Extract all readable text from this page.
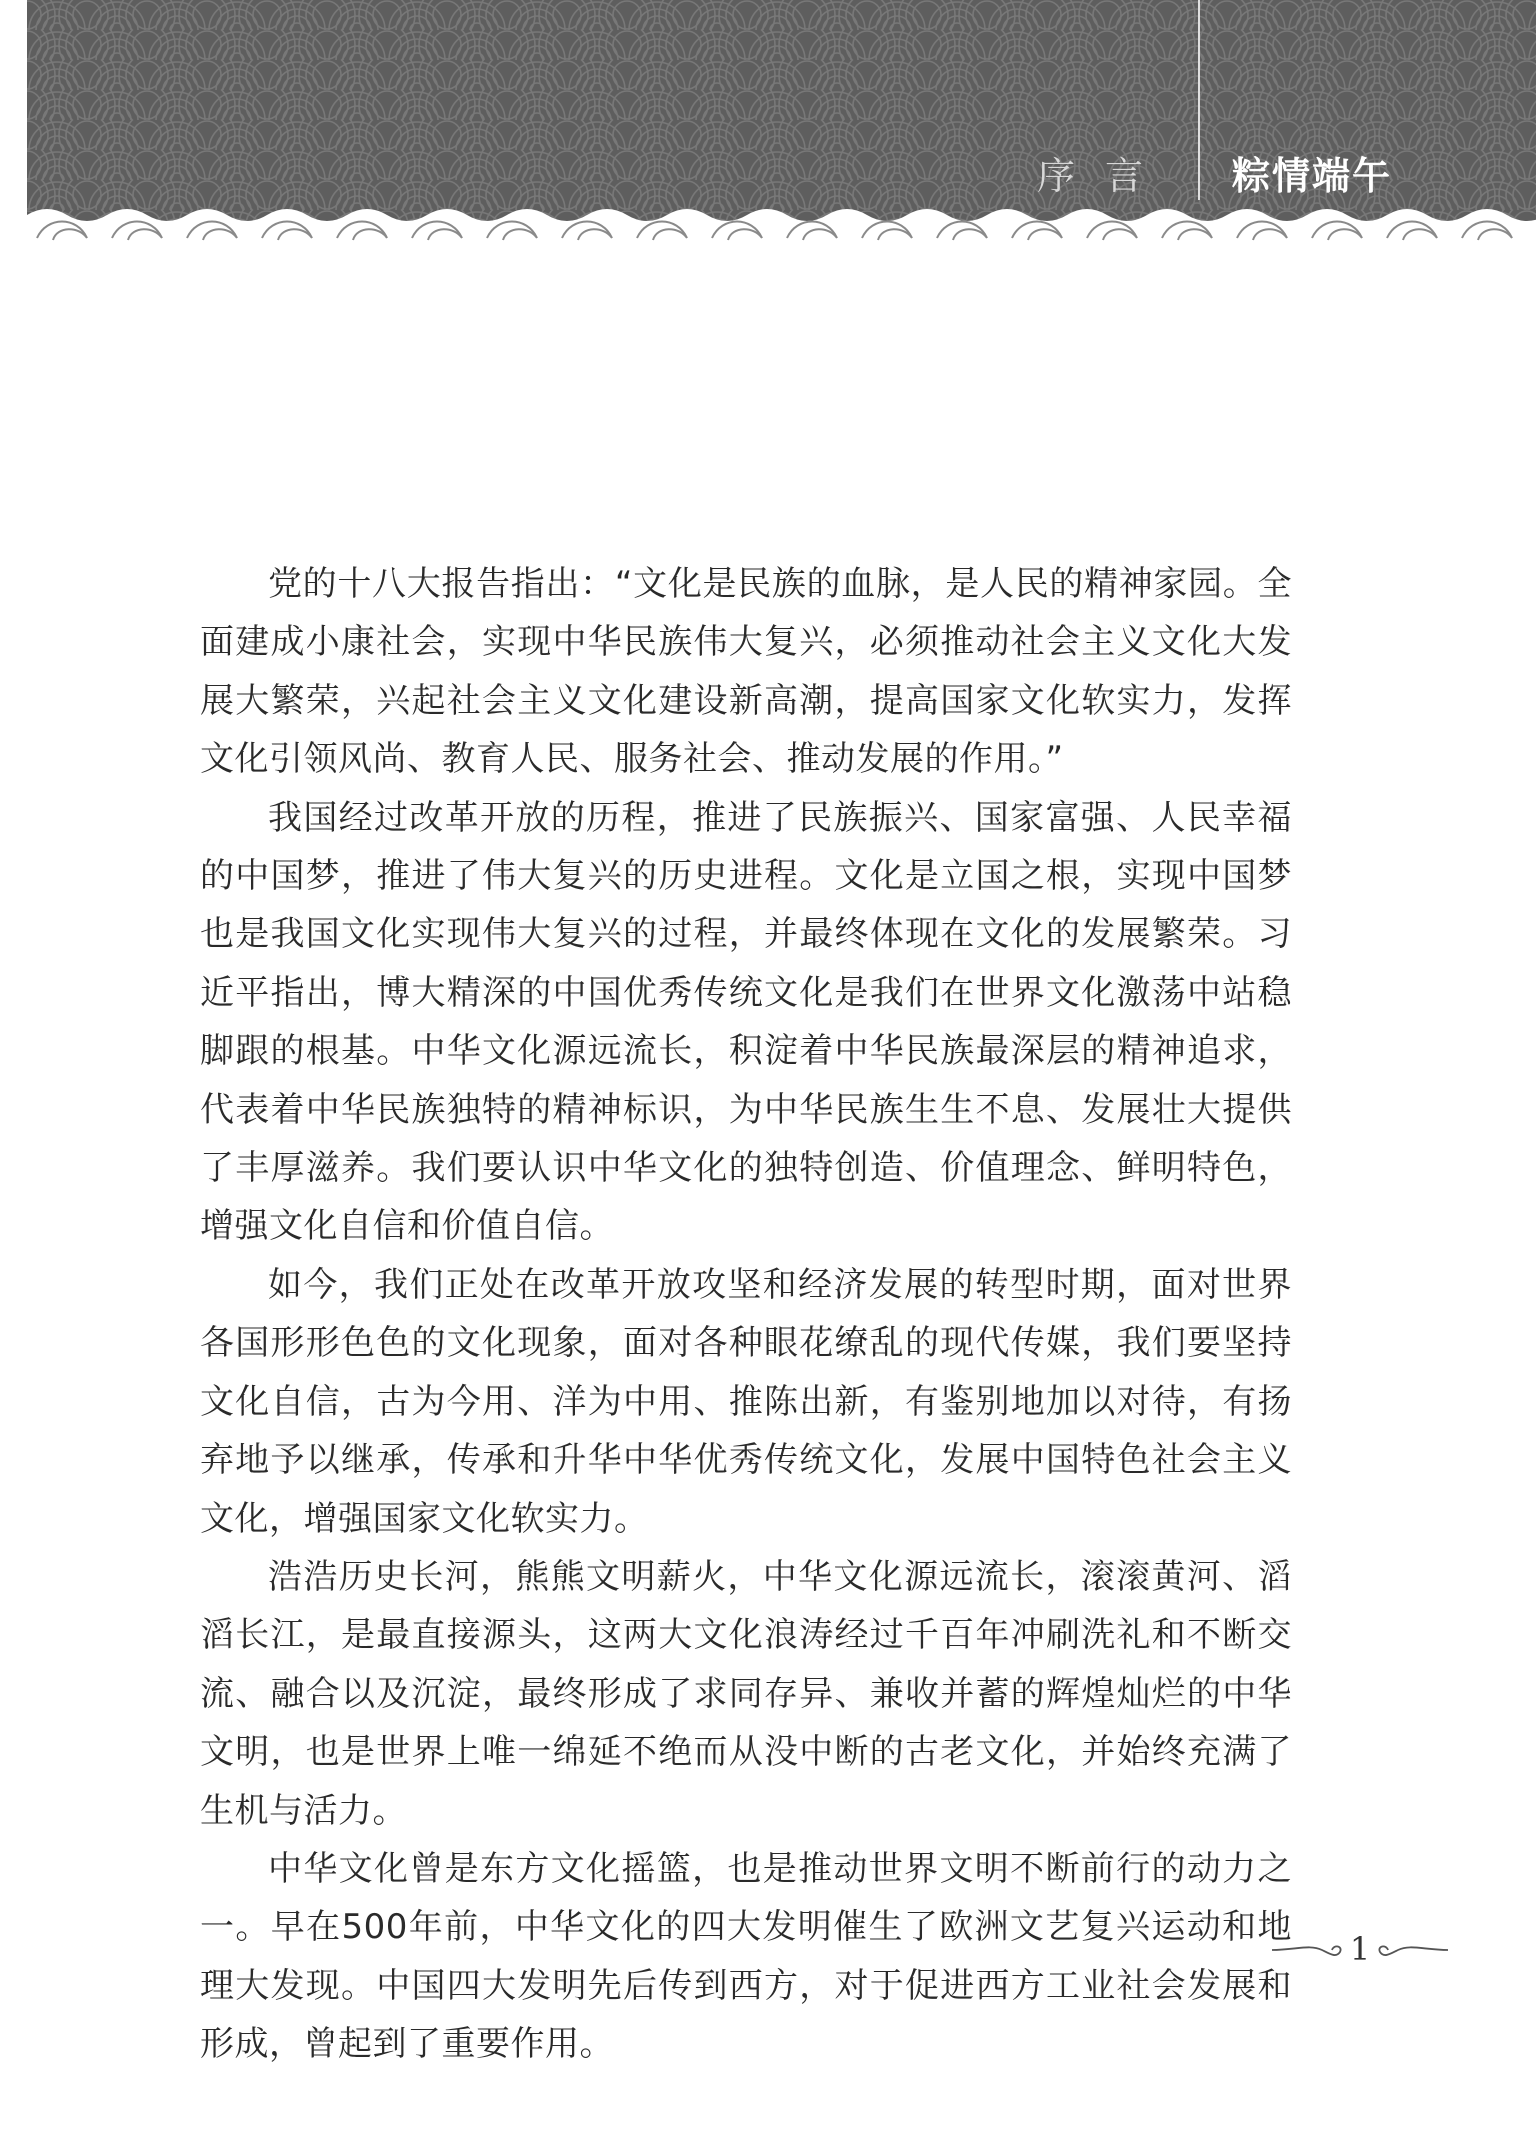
序言 粽情端午

党的十八大报告指出：“文化是民族的血脉，是人民的精神家园。全面建成小康社会，实现中华民族伟大复兴，必须推动社会主义文化大发展大繁荣，兴起社会主义文化建设新高潮，提高国家文化软实力，发挥文化引领风尚、教育人民、服务社会、推动发展的作用。”

我国经过改革开放的历程，推进了民族振兴、国家富强、人民幸福的中国梦，推进了伟大复兴的历史进程。文化是立国之根，实现中国梦也是我国文化实现伟大复兴的过程，并最终体现在文化的发展繁荣。习近平指出，博大精深的中国优秀传统文化是我们在世界文化激荡中站稳脚跟的根基。中华文化源远流长，积淀着中华民族最深层的精神追求，代表着中华民族独特的精神标识，为中华民族生生不息、发展壮大提供了丰厚滋养。我们要认识中华文化的独特创造、价值理念、鲜明特色，增强文化自信和价值自信。

如今，我们正处在改革开放攻坚和经济发展的转型时期，面对世界各国形形色色的文化现象，面对各种眼花缭乱的现代传媒，我们要坚持文化自信，古为今用、洋为中用、推陈出新，有鉴别地加以对待，有扬弃地予以继承，传承和升华中华优秀传统文化，发展中国特色社会主义文化，增强国家文化软实力。

浩浩历史长河，熊熊文明薪火，中华文化源远流长，滚滚黄河、滔滔长江，是最直接源头，这两大文化浪涛经过千百年冲刷洗礼和不断交流、融合以及沉淀，最终形成了求同存异、兼收并蓄的辉煌灿烂的中华文明，也是世界上唯一绵延不绝而从没中断的古老文化，并始终充满了生机与活力。

中华文化曾是东方文化摇篮，也是推动世界文明不断前行的动力之一。早在500年前，中华文化的四大发明催生了欧洲文艺复兴运动和地理大发现。中国四大发明先后传到西方，对于促进西方工业社会发展和形成，曾起到了重要作用。

1
